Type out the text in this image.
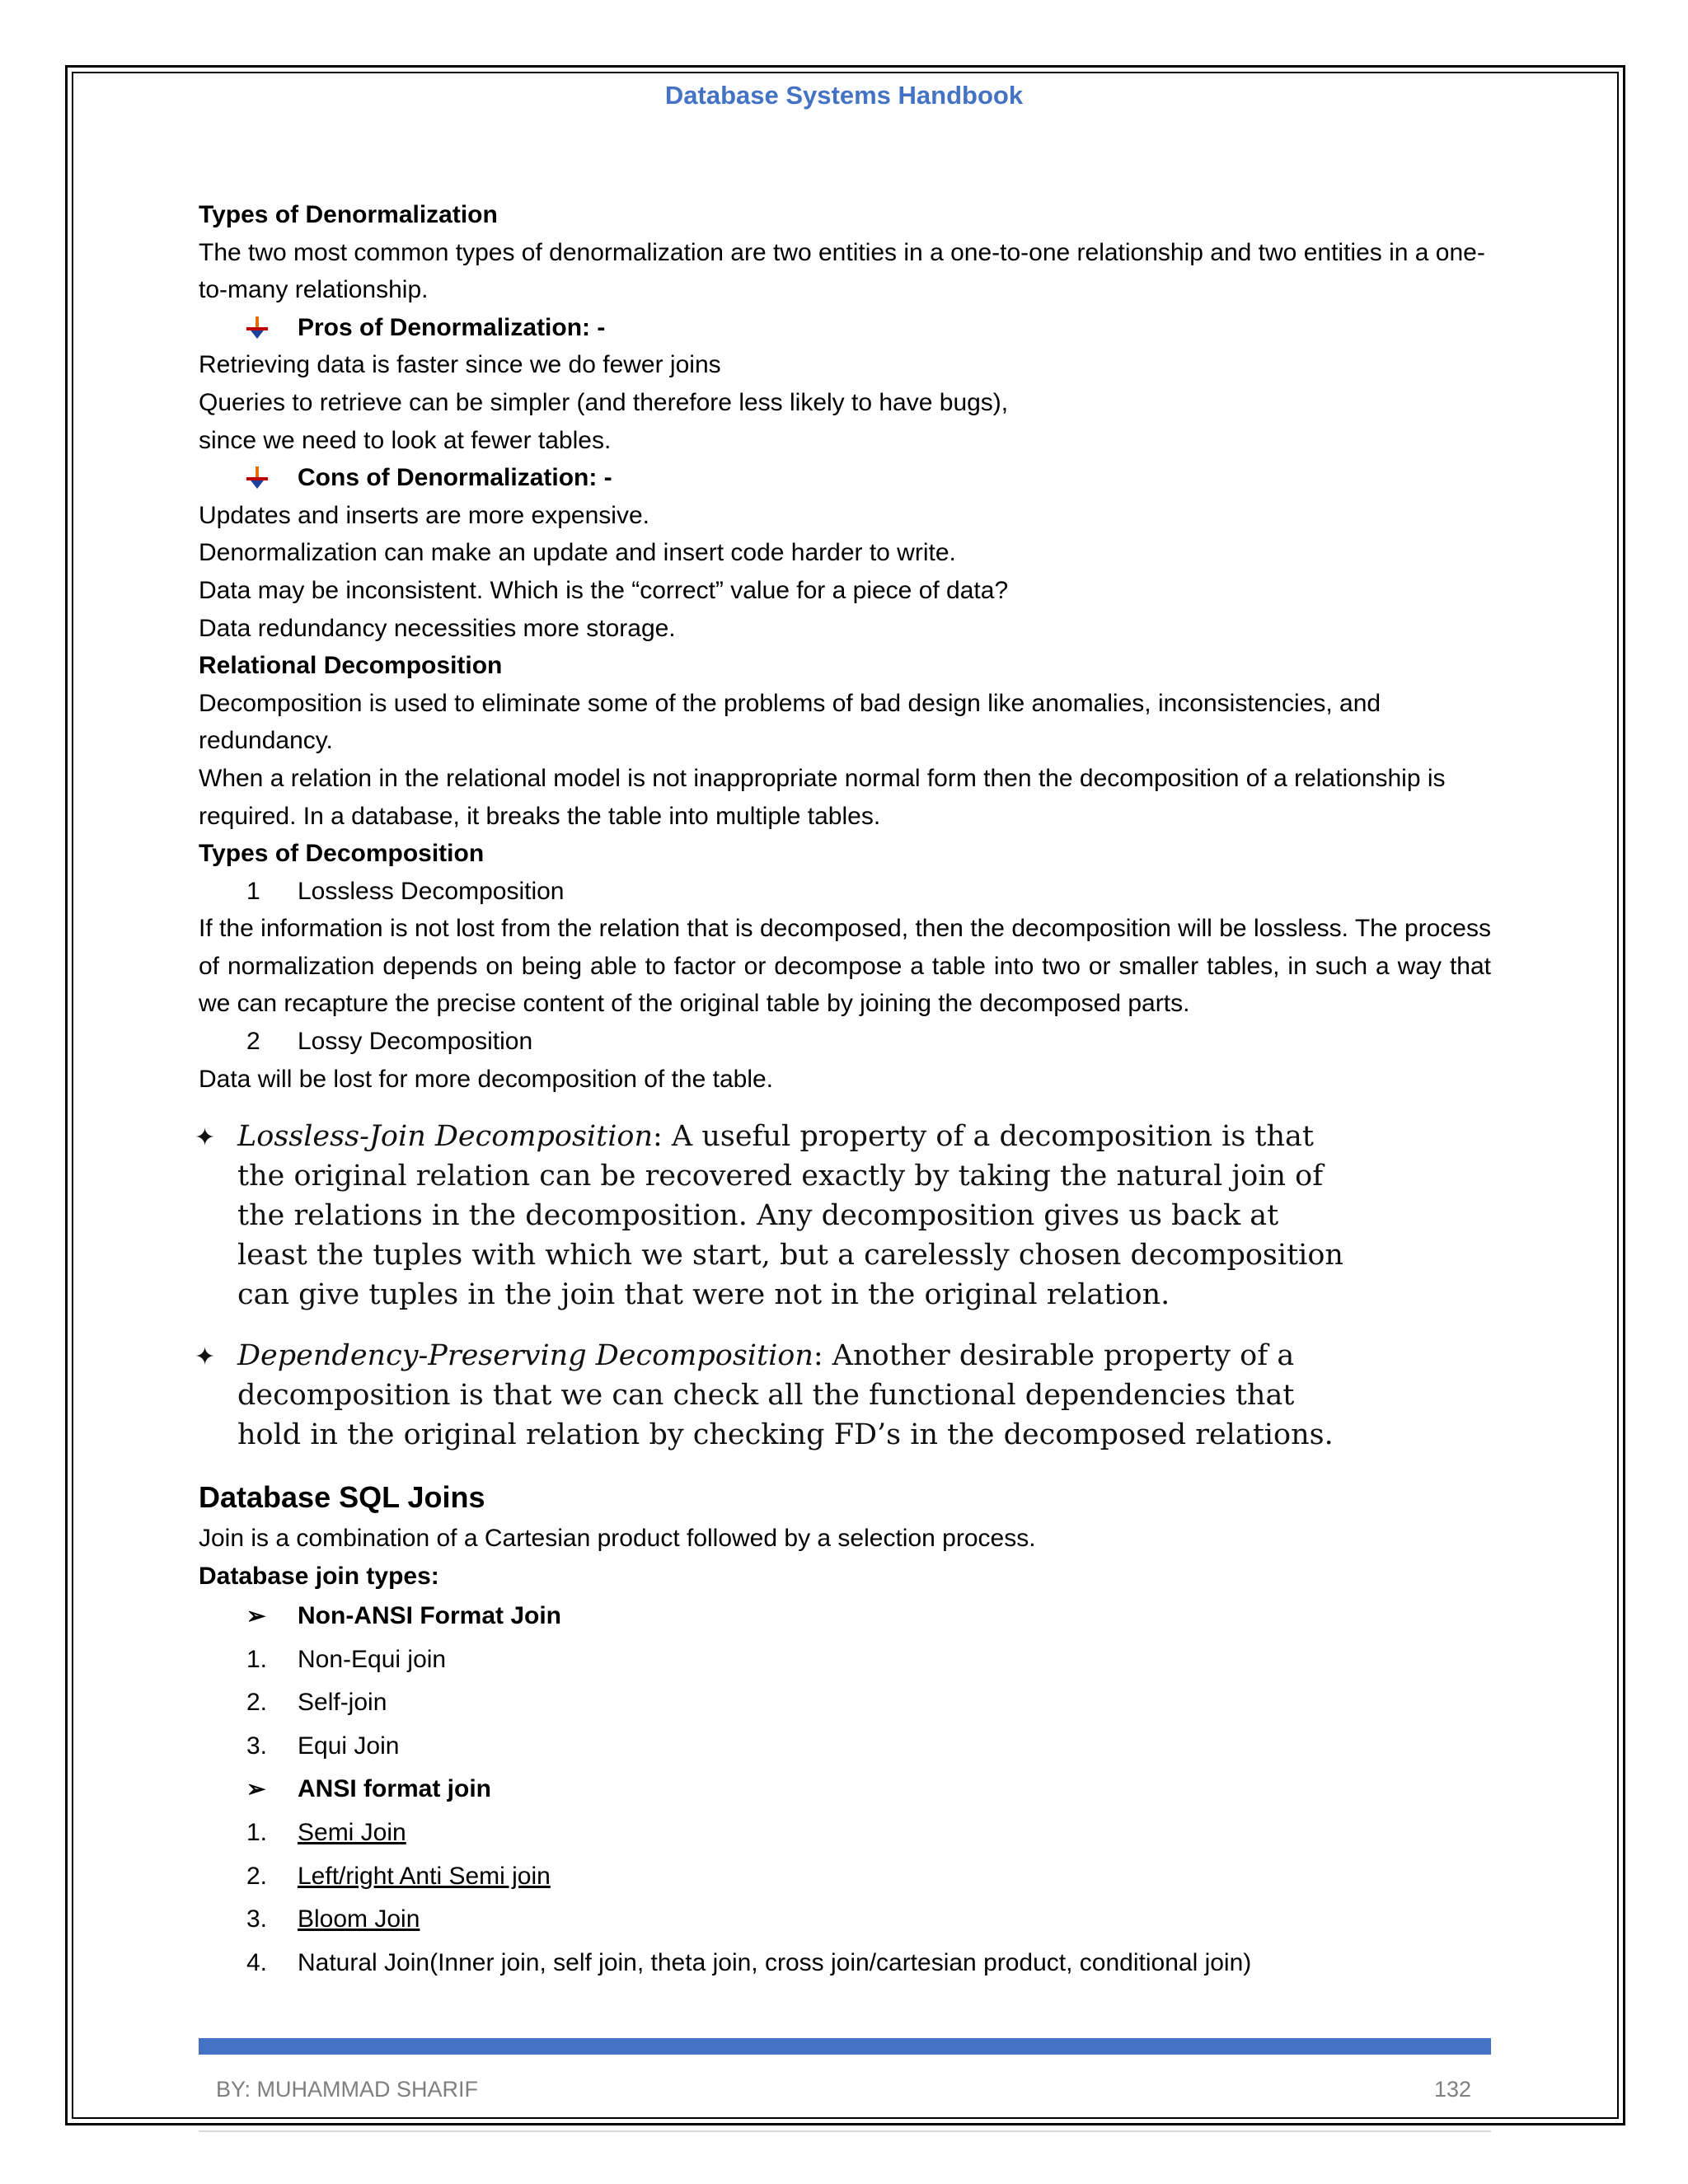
Database Systems Handbook
Types of Denormalization
The two most common types of denormalization are two entities in a one-to-one relationship and two entities in a one-to-many relationship.
Pros of Denormalization: -
Retrieving data is faster since we do fewer joins
Queries to retrieve can be simpler (and therefore less likely to have bugs),
since we need to look at fewer tables.
Cons of Denormalization: -
Updates and inserts are more expensive.
Denormalization can make an update and insert code harder to write.
Data may be inconsistent. Which is the “correct” value for a piece of data?
Data redundancy necessities more storage.
Relational Decomposition
Decomposition is used to eliminate some of the problems of bad design like anomalies, inconsistencies, and redundancy.
When a relation in the relational model is not inappropriate normal form then the decomposition of a relationship is required. In a database, it breaks the table into multiple tables.
Types of Decomposition
1 Lossless Decomposition
If the information is not lost from the relation that is decomposed, then the decomposition will be lossless. The process of normalization depends on being able to factor or decompose a table into two or smaller tables, in such a way that we can recapture the precise content of the original table by joining the decomposed parts.
2 Lossy Decomposition
Data will be lost for more decomposition of the table.
✦ Lossless-Join Decomposition: A useful property of a decomposition is that
the original relation can be recovered exactly by taking the natural join of
the relations in the decomposition. Any decomposition gives us back at
least the tuples with which we start, but a carelessly chosen decomposition
can give tuples in the join that were not in the original relation.
✦ Dependency-Preserving Decomposition: Another desirable property of a
decomposition is that we can check all the functional dependencies that
hold in the original relation by checking FD’s in the decomposed relations.
Database SQL Joins
Join is a combination of a Cartesian product followed by a selection process.
Database join types:
➢ Non-ANSI Format Join
1. Non-Equi join
2. Self-join
3. Equi Join
➢ ANSI format join
1. Semi Join
2. Left/right Anti Semi join
3. Bloom Join
4. Natural Join(Inner join, self join, theta join, cross join/cartesian product, conditional join)
BY: MUHAMMAD SHARIF	132
